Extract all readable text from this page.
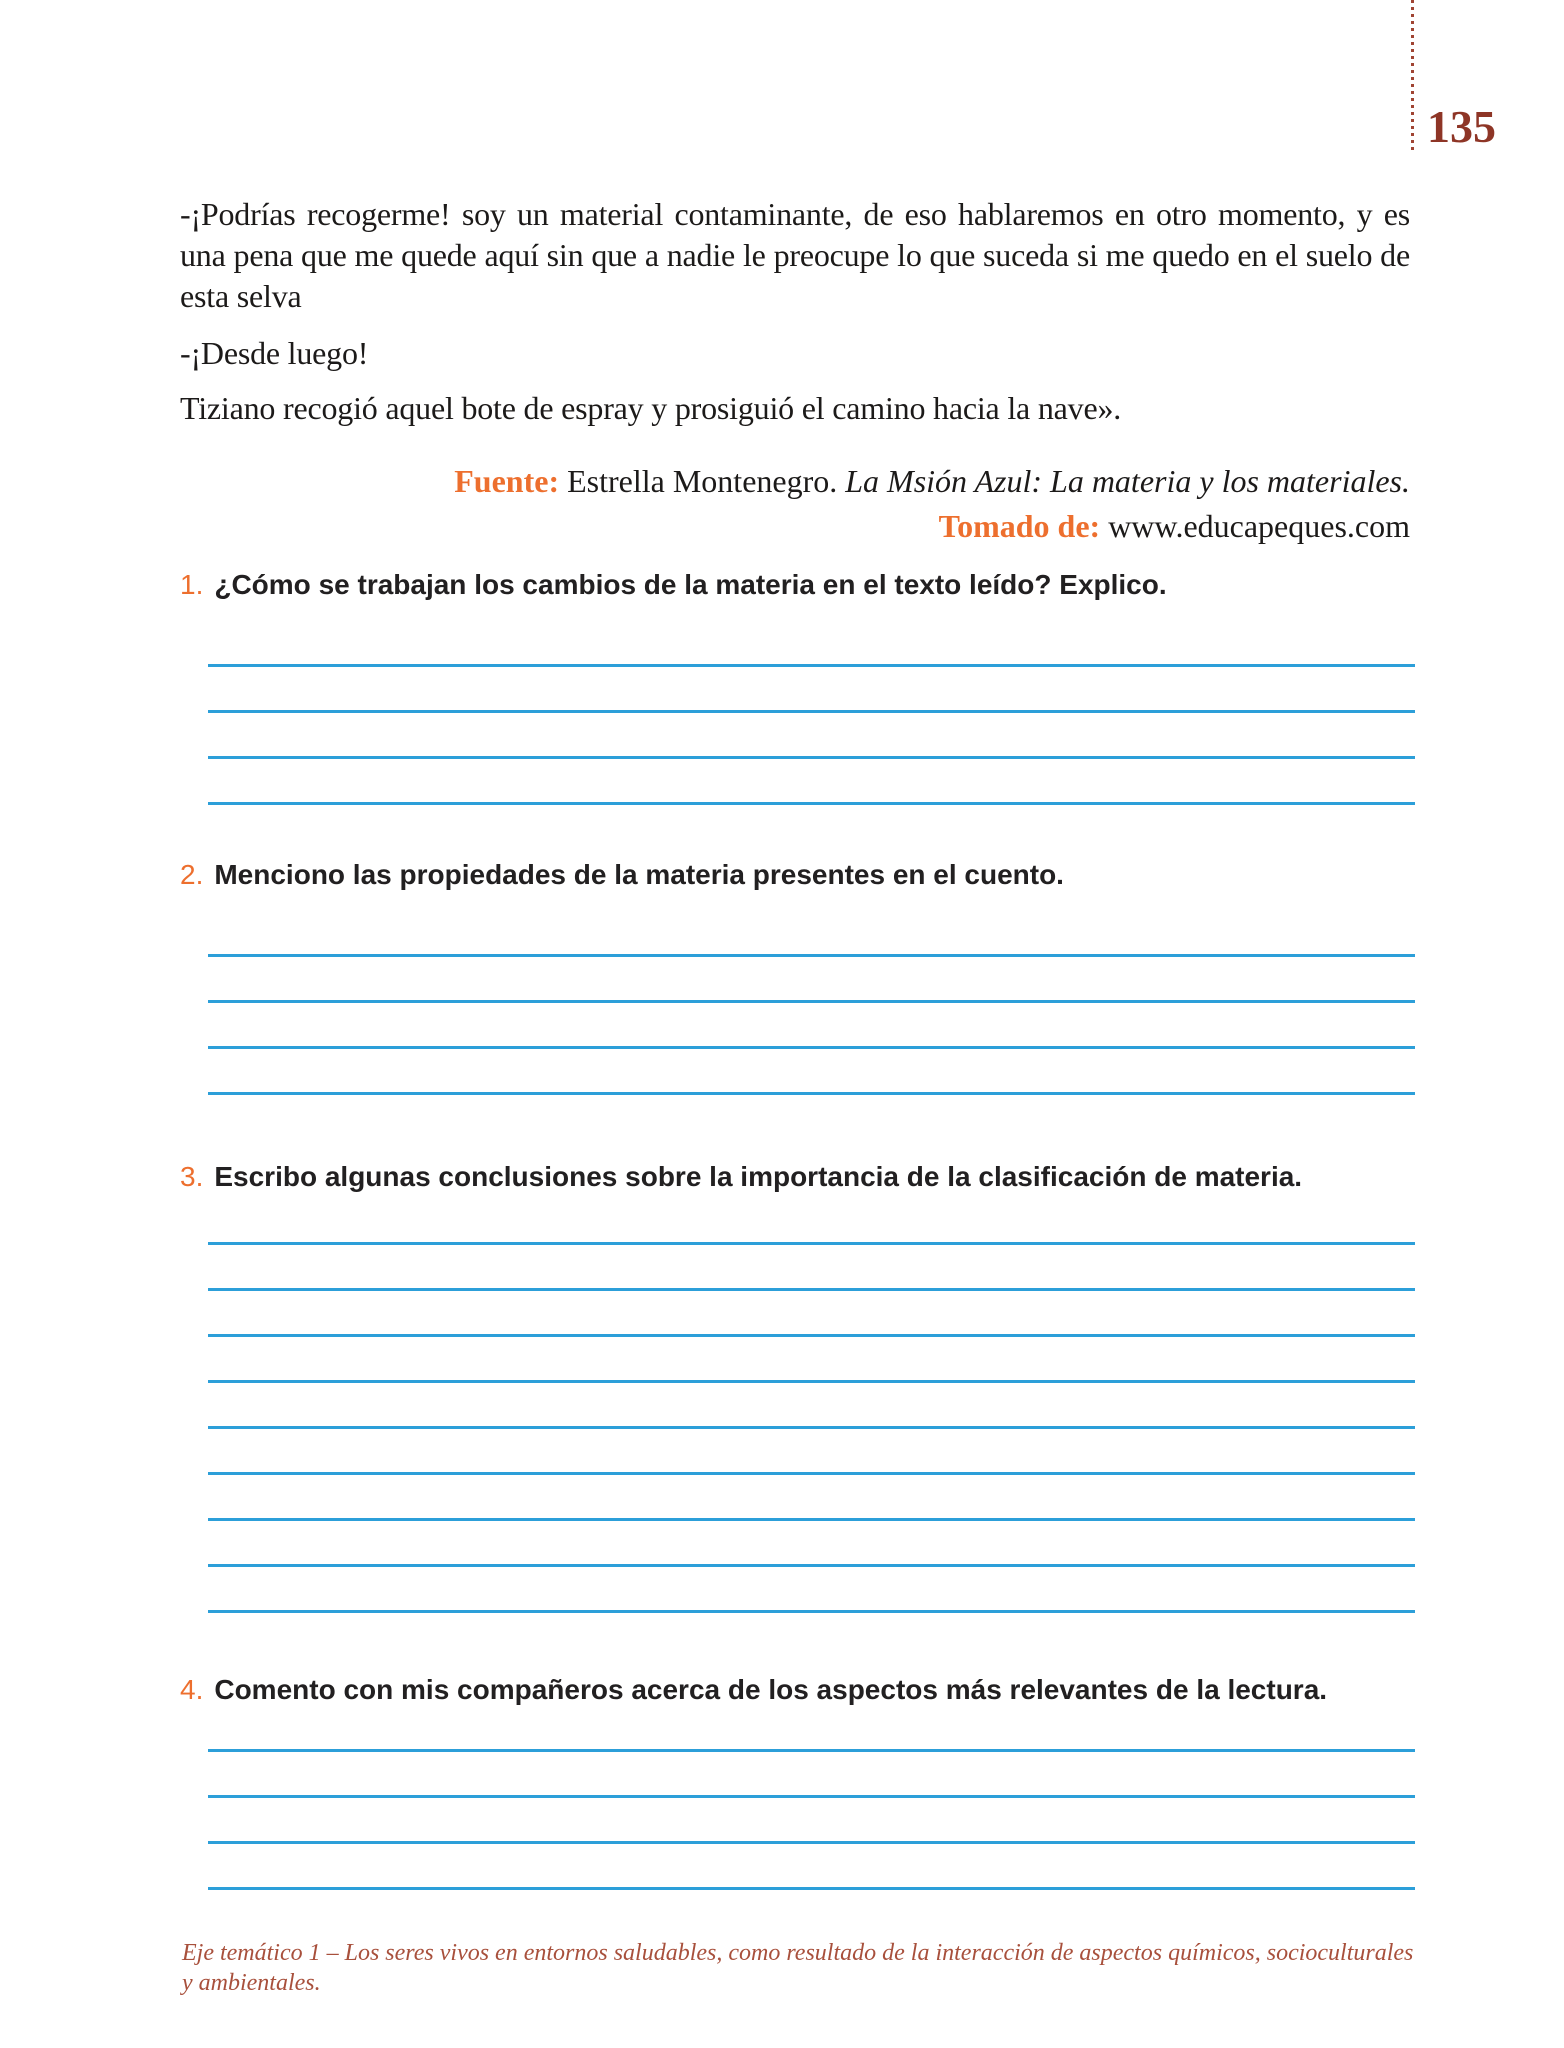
135

-¡Podrías recogerme! soy un material contaminante, de eso hablaremos en otro momento, y es una pena que me quede aquí sin que a nadie le preocupe lo que suceda si me quedo en el suelo de esta selva

-¡Desde luego!

Tiziano recogió aquel bote de espray y prosiguió el camino hacia la nave».

Fuente: Estrella Montenegro. La Msión Azul: La materia y los materiales.
Tomado de: www.educapeques.com
1. ¿Cómo se trabajan los cambios de la materia en el texto leído? Explico.
2. Menciono las propiedades de la materia presentes en el cuento.
3. Escribo algunas conclusiones sobre la importancia de la clasificación de materia.
4. Comento con mis compañeros acerca de los aspectos más relevantes de la lectura.
Eje temático 1 – Los seres vivos en entornos saludables, como resultado de la interacción de aspectos químicos, socioculturales y ambientales.
